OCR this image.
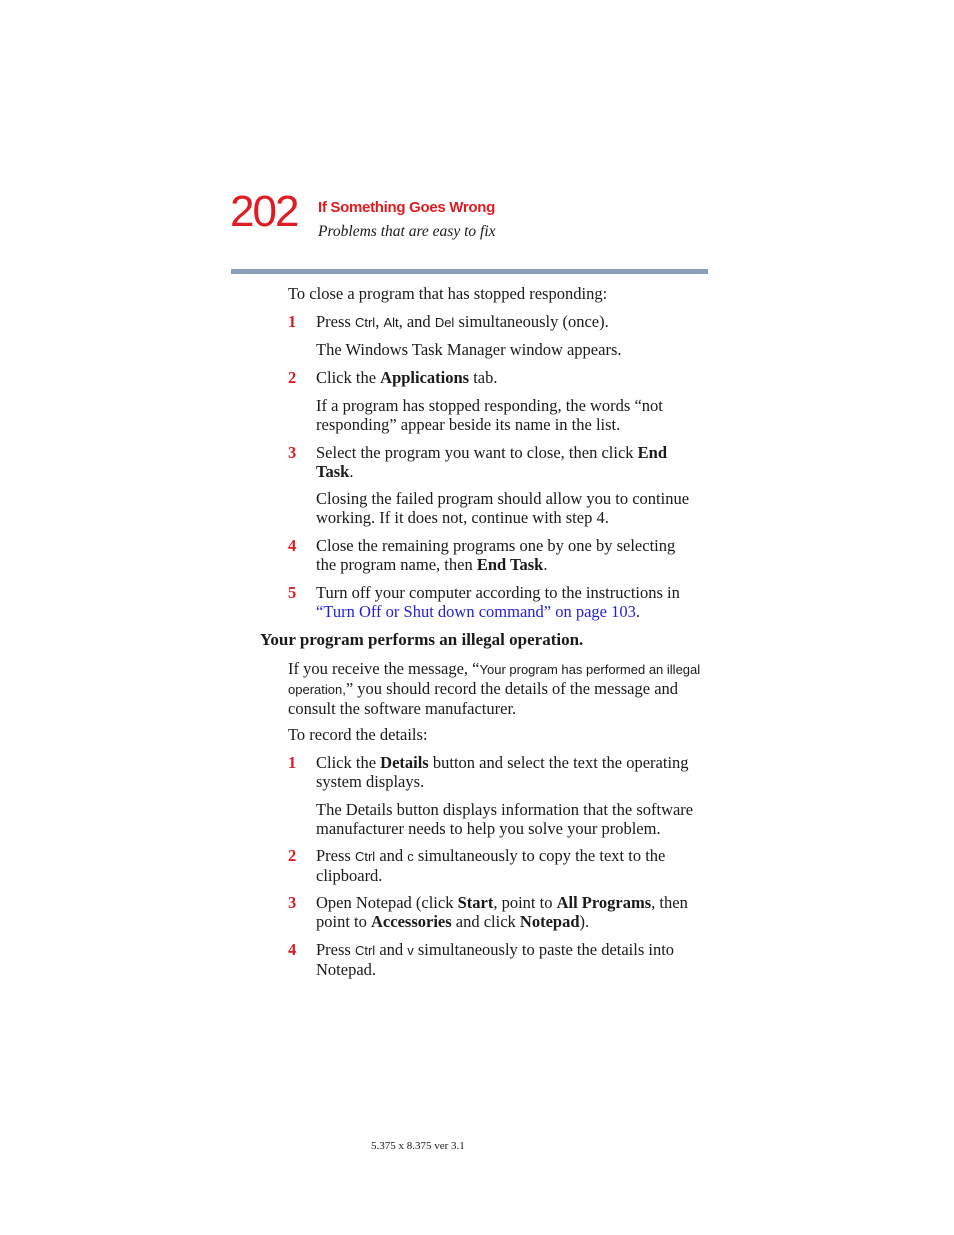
202 If Something Goes Wrong
Problems that are easy to fix
To close a program that has stopped responding:
1 Press Ctrl, Alt, and Del simultaneously (once).
The Windows Task Manager window appears.
2 Click the Applications tab.
If a program has stopped responding, the words “not responding” appear beside its name in the list.
3 Select the program you want to close, then click End Task.
Closing the failed program should allow you to continue working. If it does not, continue with step 4.
4 Close the remaining programs one by one by selecting the program name, then End Task.
5 Turn off your computer according to the instructions in “Turn Off or Shut down command” on page 103.
Your program performs an illegal operation.
If you receive the message, “Your program has performed an illegal operation,” you should record the details of the message and consult the software manufacturer.
To record the details:
1 Click the Details button and select the text the operating system displays.
The Details button displays information that the software manufacturer needs to help you solve your problem.
2 Press Ctrl and c simultaneously to copy the text to the clipboard.
3 Open Notepad (click Start, point to All Programs, then point to Accessories and click Notepad).
4 Press Ctrl and v simultaneously to paste the details into Notepad.
5.375 x 8.375 ver 3.1
